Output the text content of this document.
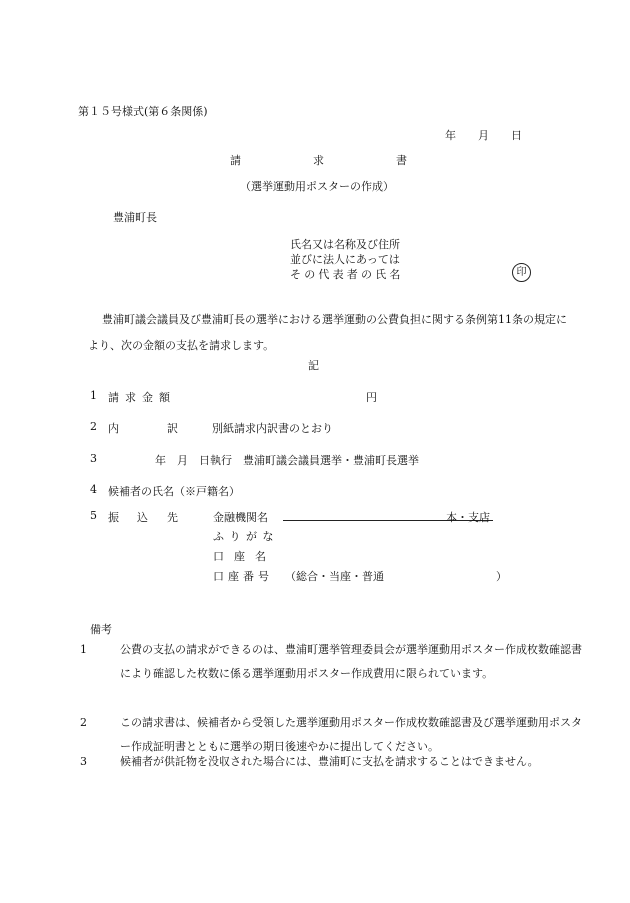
第１５号様式(第６条関係)
年 月 日
請	求	書
（選挙運動用ポスターの作成）
豊浦町長
氏名又は名称及び住所
並びに法人にあっては
その代表者の氏名	印
豊浦町議会議員及び豊浦町長の選挙における選挙運動の公費負担に関する条例第11条の規定により、次の金額の支払を請求します。
記
1 請求金額	円
2 内	訳	別紙請求内訳書のとおり
3	年　月　日執行　豊浦町議会議員選挙・豊浦町長選挙
4 候補者の氏名（※戸籍名）
5 振 込 先	金融機関名	本・支店
ふりがな
口座名
口座番号 （総合・当座・普通	）
備考
1	公費の支払の請求ができるのは、豊浦町選挙管理委員会が選挙運動用ポスター作成枚数確認書により確認した枚数に係る選挙運動用ポスター作成費用に限られています。
2	この請求書は、候補者から受領した選挙運動用ポスター作成枚数確認書及び選挙運動用ポスター作成証明書とともに選挙の期日後速やかに提出してください。
3	候補者が供託物を没収された場合には、豊浦町に支払を請求することはできません。
